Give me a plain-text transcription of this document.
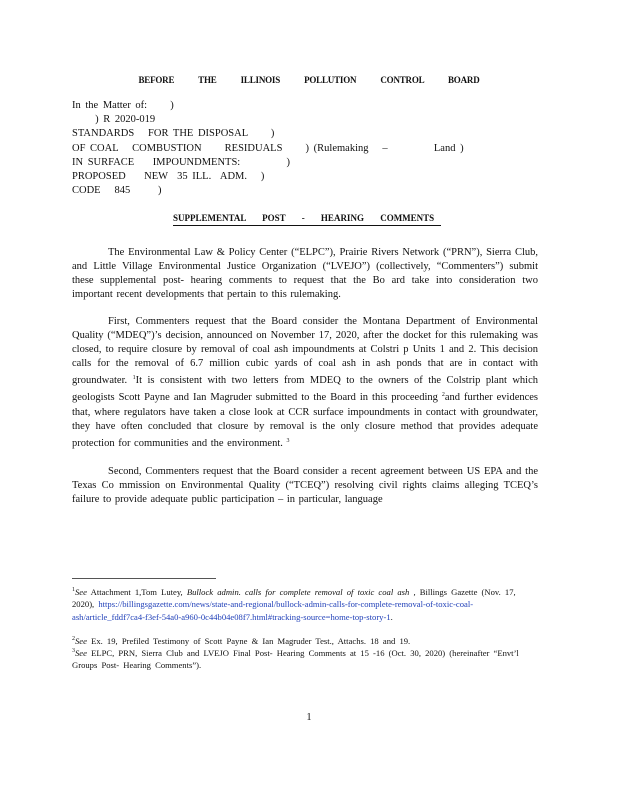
BEFORE THE ILLINOIS POLLUTION CONTROL BOARD
In the Matter of:     )
) R 2020-019
STANDARDS   FOR THE DISPOSAL     )
OF COAL   COMBUSTION     RESIDUALS     ) (Rulemaking   –          Land )
IN SURFACE    IMPOUNDMENTS:          )
PROPOSED    NEW  35 ILL.  ADM.   )
CODE   845      )
SUPPLEMENTAL POST - HEARING COMMENTS
The Environmental Law & Policy Center (“ELPC”), Prairie Rivers Network (“PRN”), Sierra Club, and Little Village Environmental Justice Organization (“LVEJO”) (collectively, “Commenters”) submit these supplemental post- hearing comments to request that the Bo ard take into consideration two important recent developments that pertain to this rulemaking.
First, Commenters request that the Board consider the Montana Department of Environmental Quality (“MDEQ”)’s decision, announced on November 17, 2020, after the docket for this rulemaking was closed, to require closure by removal of coal ash impoundments at Colstri p Units 1 and 2. This decision calls for the removal of 6.7 million cubic yards of coal ash in ash ponds that are in contact with groundwater. $^1$It is consistent with two letters from MDEQ to the owners of the Colstrip plant which geologists Scott Payne and Ian Magruder submitted to the Board in this proceeding $^2$and further evidences that, where regulators have taken a close look at CCR surface impoundments in contact with groundwater, they have often concluded that closure by removal is the only closure method that provides adequate protection for communities and the environment. $^3$
Second, Commenters request that the Board consider a recent agreement between US EPA and the Texas Co mmission on Environmental Quality (“TCEQ”) resolving civil rights claims alleging TCEQ’s failure to provide adequate public participation – in particular, language
$^1$See Attachment 1,Tom Lutey, Bullock admin. calls for complete removal of toxic coal ash , Billings Gazette (Nov. 17, 2020), https://billingsgazette.com/news/state-and-regional/bullock-admin-calls-for-complete-removal-of-toxic-coal-ash/article_fddf7ca4-f3ef-54a0-a960-0c44b04e08f7.html#tracking-source=home-top-story-1.
$^2$See Ex. 19, Prefiled Testimony of Scott Payne & Ian Magruder Test., Attachs. 18 and 19.
$^3$See ELPC, PRN, Sierra Club and LVEJO Final Post- Hearing Comments at 15 -16 (Oct. 30, 2020) (hereinafter “Envt’l Groups Post- Hearing Comments”).
1
